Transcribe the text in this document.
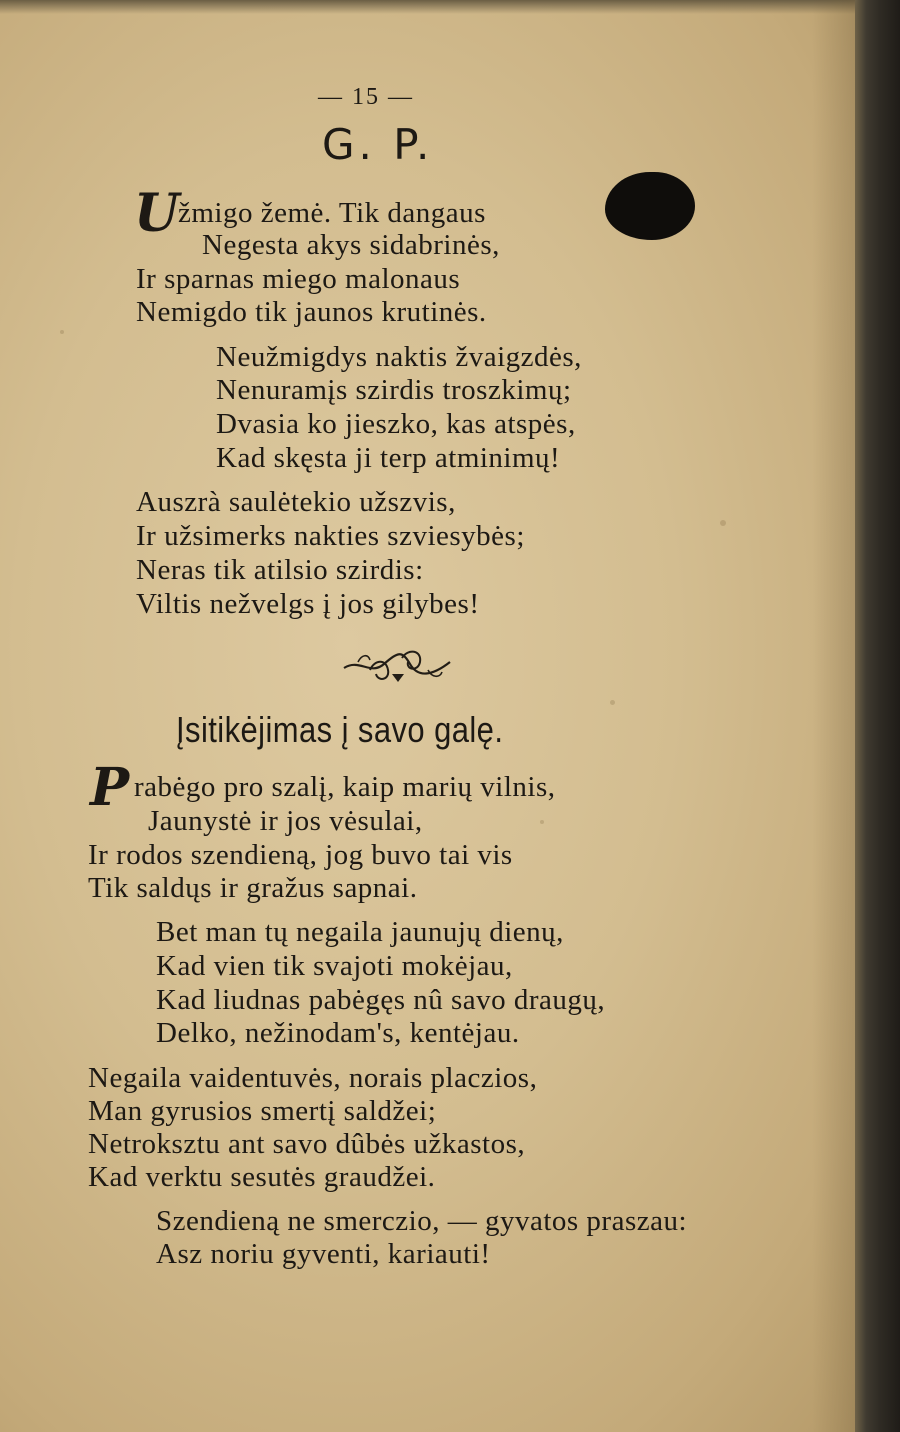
— 15 —
G. P.
U
žmigo žemė. Tik dangaus
Negesta akys sidabrinės,
Ir sparnas miego malonaus
Nemigdo tik jaunos krutinės.
Neužmigdys naktis žvaigzdės,
Nenuramįs szirdis troszkimų;
Dvasia ko jieszko, kas atspės,
Kad skęsta ji terp atminimų!
Auszrà saulėtekio užszvis,
Ir užsimerks nakties szviesybės;
Neras tik atilsio szirdis:
Viltis nežvelgs į jos gilybes!
Įsitikėjimas į savo galę.
P rabėgo pro szalį, kaip marių vilnis,
Jaunystė ir jos vėsulai,
Ir rodos szendieną, jog buvo tai vis
Tik saldųs ir gražus sapnai.
Bet man tų negaila jaunujų dienų,
Kad vien tik svajoti mokėjau,
Kad liudnas pabėgęs nû savo draugų,
Delko, nežinodam's, kentėjau.
Negaila vaidentuvės, norais placzios,
Man gyrusios smertį saldžei;
Netroksztu ant savo dûbės užkastos,
Kad verktu sesutės graudžei.
Szendieną ne smerczio, — gyvatos praszau:
Asz noriu gyventi, kariauti!
